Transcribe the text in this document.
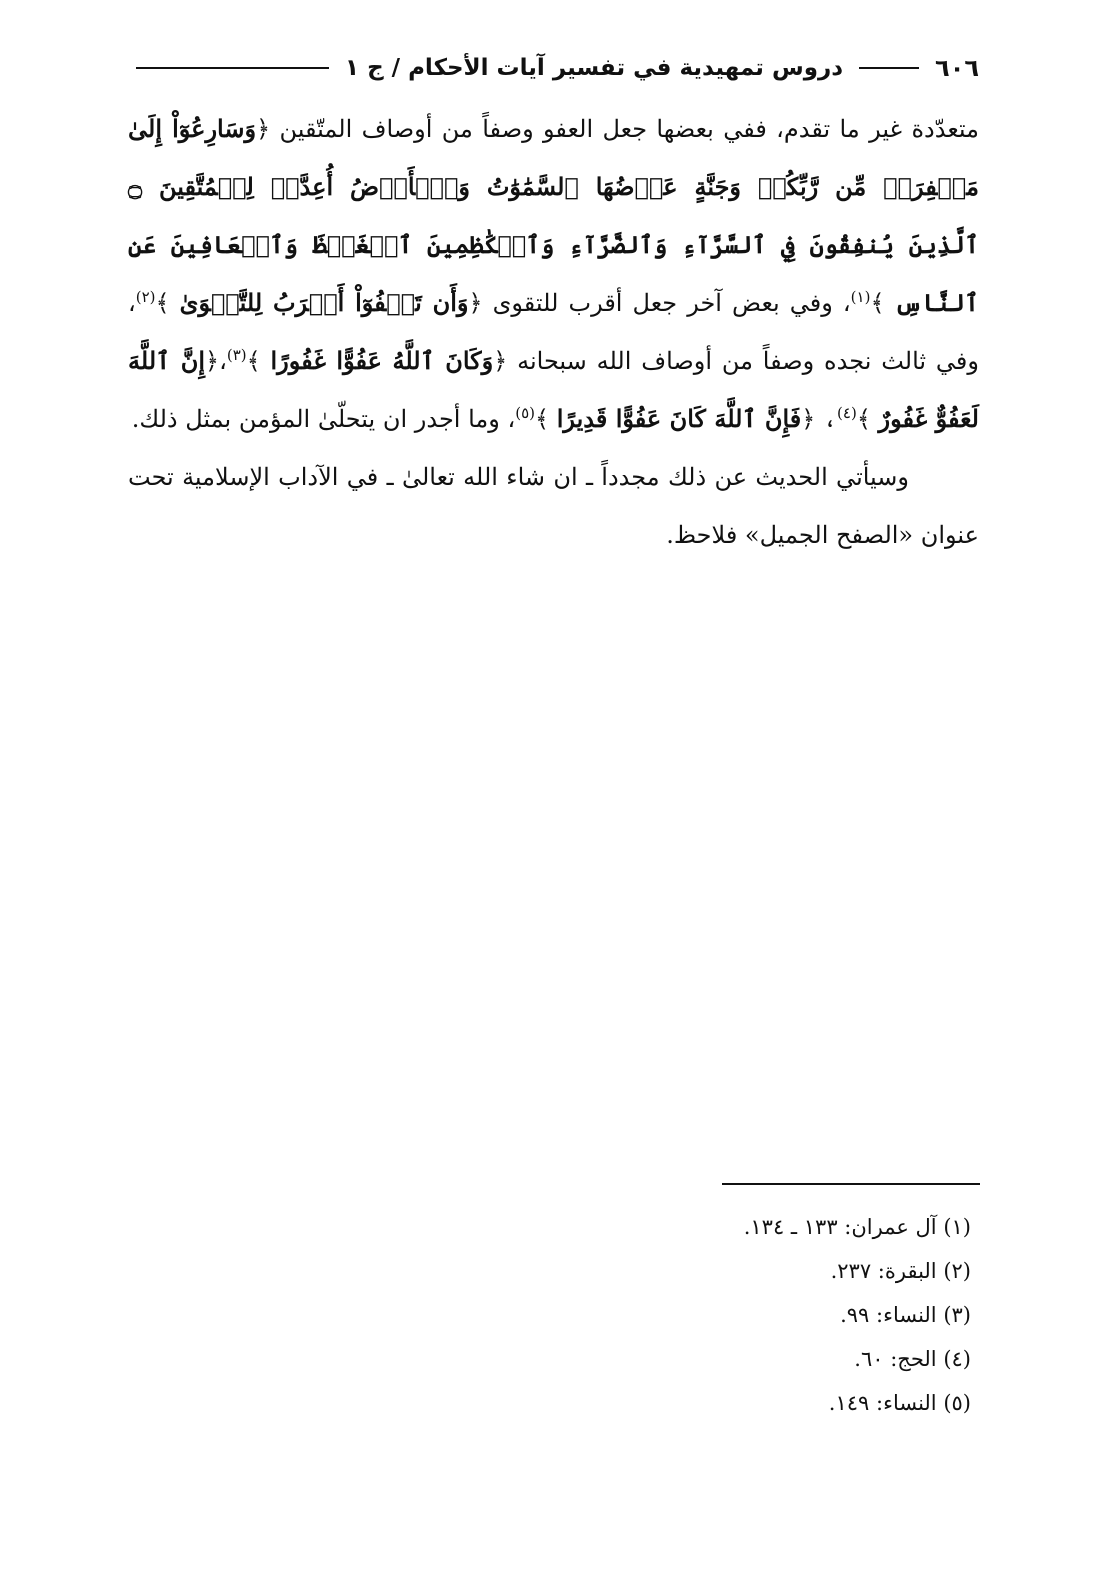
٦٠٦
دروس تمهيدية في تفسير آيات الأحكام / ج ١

متعدّدة غير ما تقدم، ففي بعضها جعل العفو وصفاً من أوصاف المتّقين ﴿وَسَارِعُوٓاْ إِلَىٰ مَغۡفِرَةٖ مِّن رَّبِّكُمۡ وَجَنَّةٍ عَرۡضُهَا ٱلسَّمَٰوَٰتُ وَٱلۡأَرۡضُ أُعِدَّتۡ لِلۡمُتَّقِينَ ۝ ٱلَّذِينَ يُنفِقُونَ فِي ٱلسَّرَّآءِ وَٱلضَّرَّآءِ وَٱلۡكَٰظِمِينَ ٱلۡغَيۡظَ وَٱلۡعَافِينَ عَنِ ٱلنَّاسِ ﴾$^{(١)}$، وفي بعض آخر جعل أقرب للتقوى ﴿وَأَن تَعۡفُوٓاْ أَقۡرَبُ لِلتَّقۡوَىٰ ﴾$^{(٢)}$، وفي ثالث نجده وصفاً من أوصاف الله سبحانه ﴿وَكَانَ ٱللَّهُ عَفُوًّا غَفُورًا ﴾$^{(٣)}$،﴿إِنَّ ٱللَّهَ لَعَفُوٌّ غَفُورٌ ﴾$^{(٤)}$، ﴿فَإِنَّ ٱللَّهَ كَانَ عَفُوًّا قَدِيرًا ﴾$^{(٥)}$، وما أجدر ان يتحلّىٰ المؤمن بمثل ذلك.

وسيأتي الحديث عن ذلك مجدداً ـ ان شاء الله تعالىٰ ـ في الآداب الإسلامية تحت عنوان «الصفح الجميل» فلاحظ.

(١) آل عمران: ١٣٣ ـ ١٣٤.
(٢) البقرة: ٢٣٧.
(٣) النساء: ٩٩.
(٤) الحج: ٦٠.
(٥) النساء: ١٤٩.
